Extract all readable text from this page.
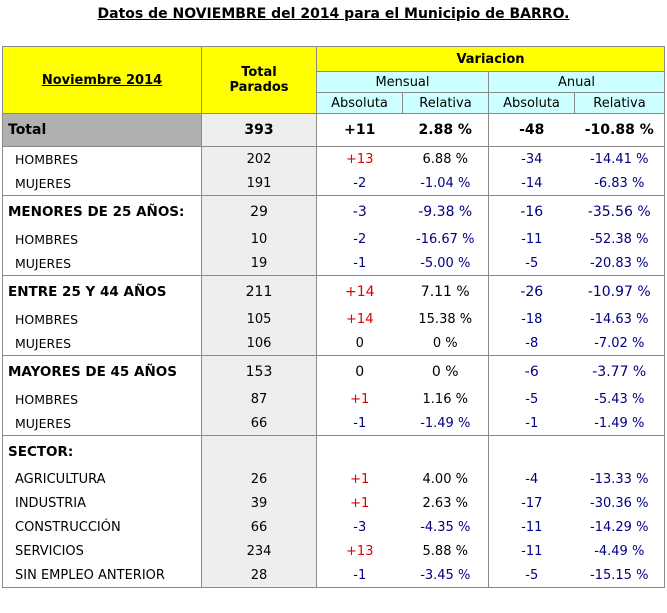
Datos de NOVIEMBRE del 2014 para el Municipio de BARRO.
Noviembre 2014	Total Parados	Variacion			
		Mensual		Anual	
		Absoluta	Relativa	Absoluta	Relativa
Total	393	+11	2.88 %	-48	-10.88 %
HOMBRES	202	+13	6.88 %	-34	-14.41 %
MUJERES	191	-2	-1.04 %	-14	-6.83 %
MENORES DE 25 AÑOS:	29	-3	-9.38 %	-16	-35.56 %
HOMBRES	10	-2	-16.67 %	-11	-52.38 %
MUJERES	19	-1	-5.00 %	-5	-20.83 %
ENTRE 25 Y 44 AÑOS	211	+14	7.11 %	-26	-10.97 %
HOMBRES	105	+14	15.38 %	-18	-14.63 %
MUJERES	106	0	0 %	-8	-7.02 %
MAYORES DE 45 AÑOS	153	0	0 %	-6	-3.77 %
HOMBRES	87	+1	1.16 %	-5	-5.43 %
MUJERES	66	-1	-1.49 %	-1	-1.49 %
SECTOR:					
AGRICULTURA	26	+1	4.00 %	-4	-13.33 %
INDUSTRIA	39	+1	2.63 %	-17	-30.36 %
CONSTRUCCIÓN	66	-3	-4.35 %	-11	-14.29 %
SERVICIOS	234	+13	5.88 %	-11	-4.49 %
SIN EMPLEO ANTERIOR	28	-1	-3.45 %	-5	-15.15 %
